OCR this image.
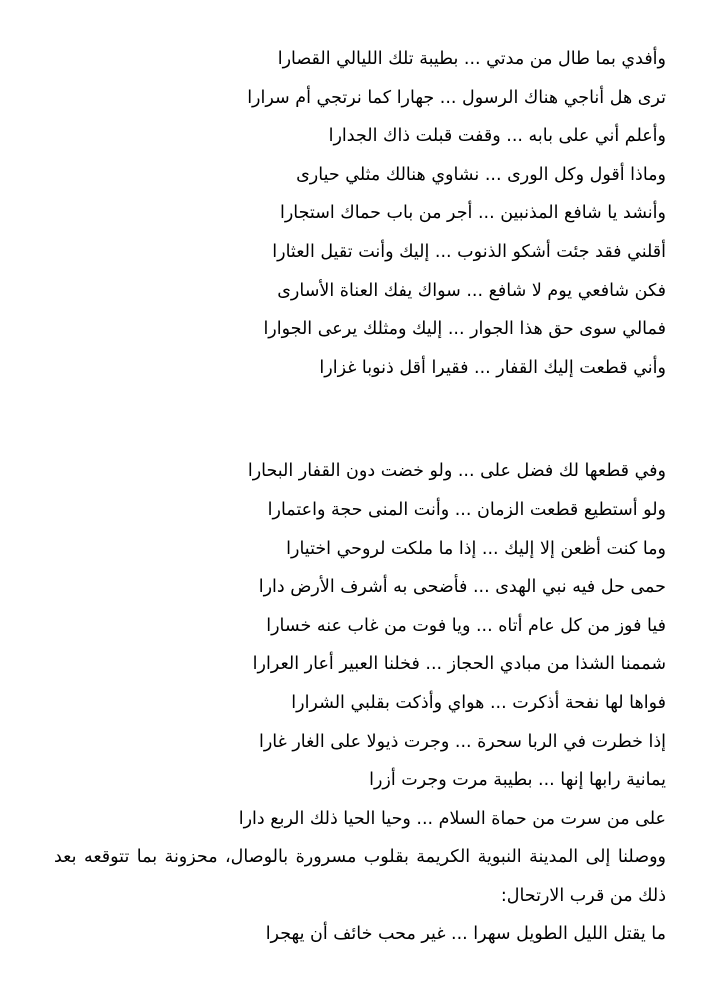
وأفدي بما طال من مدتي ... بطيبة تلك الليالي القصارا
ترى هل أناجي هناك الرسول ... جهارا كما نرتجي أم سرارا
وأعلم أني على بابه ... وقفت قبلت ذاك الجدارا
وماذا أقول وكل الورى ... نشاوي هنالك مثلي حيارى
وأنشد يا شافع المذنبين ... أجر من باب حماك استجارا
أقلني فقد جئت أشكو الذنوب ... إليك وأنت تقيل العثارا
فكن شافعي يوم لا شافع ... سواك يفك العناة الأسارى
فمالي سوى حق هذا الجوار ... إليك ومثلك يرعى الجوارا
وأني قطعت إليك القفار ... فقيرا أقل ذنوبا غزارا
وفي قطعها لك فضل على ... ولو خضت دون القفار البحارا
ولو أستطيع قطعت الزمان ... وأنت المنى حجة واعتمارا
وما كنت أظعن إلا إليك ... إذا ما ملكت لروحي اختيارا
حمى حل فيه نبي الهدى ... فأضحى به أشرف الأرض دارا
فيا فوز من كل عام أتاه ... ويا فوت من غاب عنه خسارا
شممنا الشذا من مبادي الحجاز ... فخلنا العبير أعار العرارا
فواها لها نفحة أذكرت ... هواي وأذكت بقلبي الشرارا
إذا خطرت في الربا سحرة ... وجرت ذيولا على الغار غارا
يمانية رابها إنها ... بطيبة مرت وجرت أزرا
على من سرت من حماة السلام ... وحيا الحيا ذلك الربع دارا
ووصلنا إلى المدينة النبوية الكريمة بقلوب مسرورة بالوصال، محزونة بما تتوقعه بعد ذلك من قرب الارتحال:
ما يقتل الليل الطويل سهرا ... غير محب خائف أن يهجرا
